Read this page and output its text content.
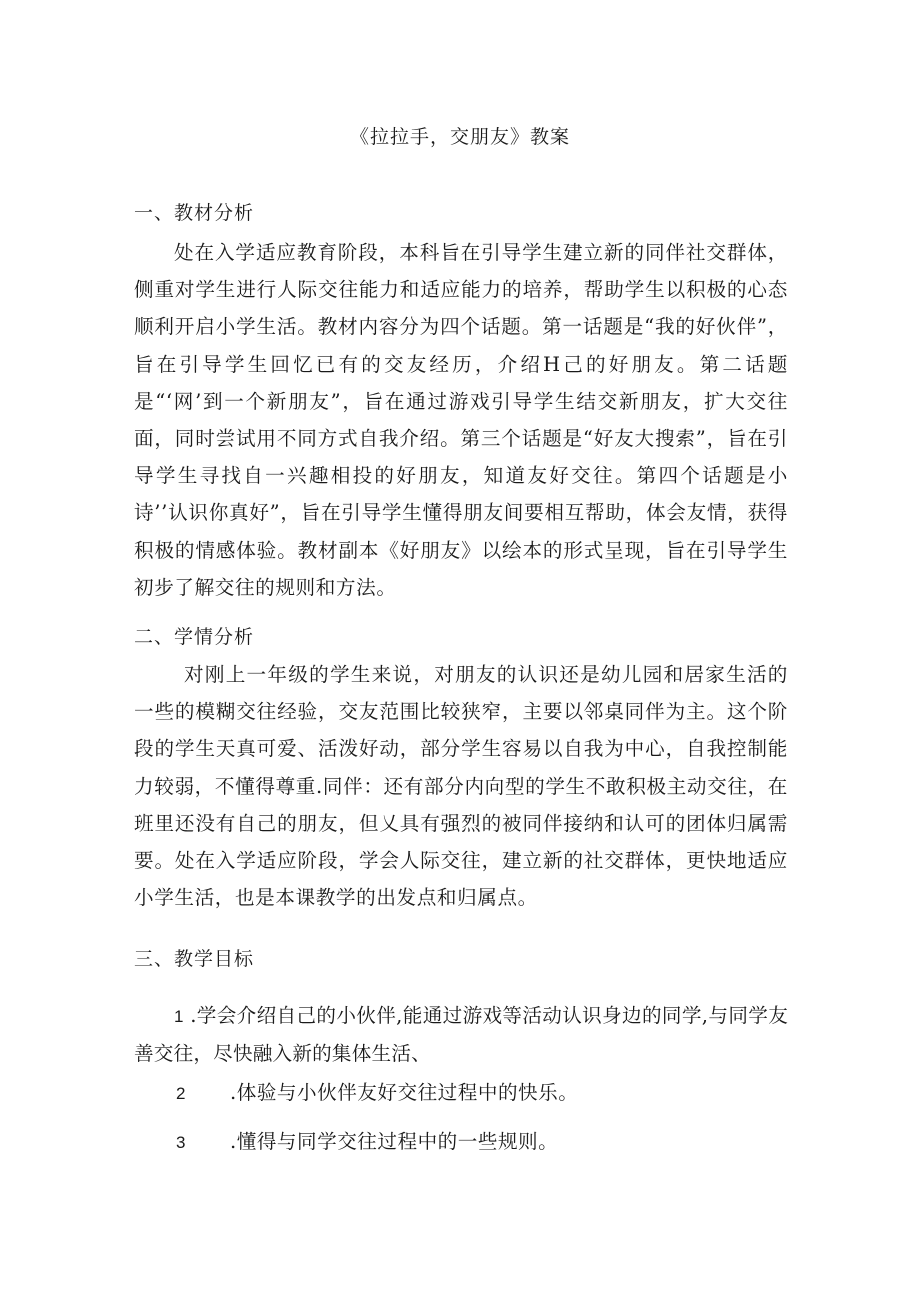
《拉拉手，交朋友》教案
一、教材分析

处在入学适应教育阶段，本科旨在引导学生建立新的同伴社交群体，侧重对学生进行人际交往能力和适应能力的培养，帮助学生以积极的心态顺利开启小学生活。教材内容分为四个话题。第一话题是“我的好伙伴”，旨在引导学生回忆已有的交友经历，介绍H己的好朋友。第二话题是“‘网’到一个新朋友”，旨在通过游戏引导学生结交新朋友，扩大交往面，同时尝试用不同方式自我介绍。第三个话题是“好友大搜索”，旨在引导学生寻找自一兴趣相投的好朋友，知道友好交往。第四个话题是小诗’’认识你真好”，旨在引导学生懂得朋友间要相互帮助，体会友情，获得积极的情感体验。教材副本《好朋友》以绘本的形式呈现，旨在引导学生初步了解交往的规则和方法。

二、学情分析

对刚上一年级的学生来说，对朋友的认识还是幼儿园和居家生活的一些的模糊交往经验，交友范围比较狭窄，主要以邻桌同伴为主。这个阶段的学生天真可爱、活泼好动，部分学生容易以自我为中心，自我控制能力较弱，不懂得尊重.同伴：还有部分内向型的学生不敢积极主动交往，在班里还没有自己的朋友，但乂具有强烈的被同伴接纳和认可的团体归属需要。处在入学适应阶段，学会人际交往，建立新的社交群体，更快地适应小学生活，也是本课教学的出发点和归属点。

三、教学目标

1 .学会介绍自己的小伙伴,能通过游戏等活动认识身边的同学,与同学友善交往，尽快融入新的集体生活、

2 .体验与小伙伴友好交往过程中的快乐。
3 .懂得与同学交往过程中的一些规则。
